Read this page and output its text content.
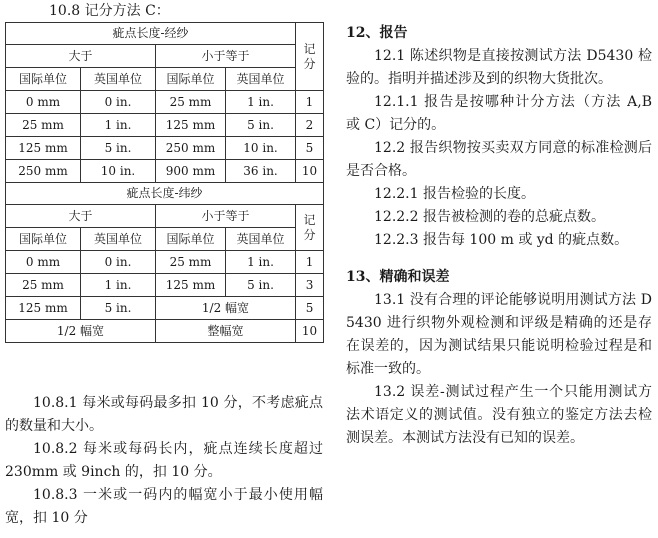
10.8 记分方法 C：
疵点长度-经纱				记分
大于		小于等于		
国际单位	英国单位	国际单位	英国单位	
0 mm	0 in.	25 mm	1 in.	1
25 mm	1 in.	125 mm	5 in.	2
125 mm	5 in.	250 mm	10 in.	5
250 mm	10 in.	900 mm	36 in.	10
疵点长度-纬纱				
大于		小于等于		记分
国际单位	英国单位	国际单位	英国单位	
0 mm	0 in.	25 mm	1 in.	1
25 mm	1 in.	125 mm	5 in.	3
125 mm	5 in.	1/2 幅宽		5
1/2 幅宽		整幅宽		10

10.8.1 每米或每码最多扣 10 分，不考虑疵点的数量和大小。

10.8.2 每米或每码长内，疵点连续长度超过 230mm 或 9inch 的，扣 10 分。

10.8.3 一米或一码内的幅宽小于最小使用幅宽，扣 10 分

12、报告

12.1 陈述织物是直接按测试方法 D5430 检验的。指明并描述涉及到的织物大货批次。

12.1.1 报告是按哪种计分方法（方法 A,B 或 C）记分的。

12.2 报告织物按买卖双方同意的标准检测后是否合格。

12.2.1 报告检验的长度。

12.2.2 报告被检测的卷的总疵点数。

12.2.3 报告每 100 m 或 yd 的疵点数。

13、精确和误差

13.1 没有合理的评论能够说明用测试方法 D 5430 进行织物外观检测和评级是精确的还是存在误差的，因为测试结果只能说明检验过程是和标准一致的。

13.2 误差-测试过程产生一个只能用测试方法术语定义的测试值。没有独立的鉴定方法去检测误差。本测试方法没有已知的误差。
